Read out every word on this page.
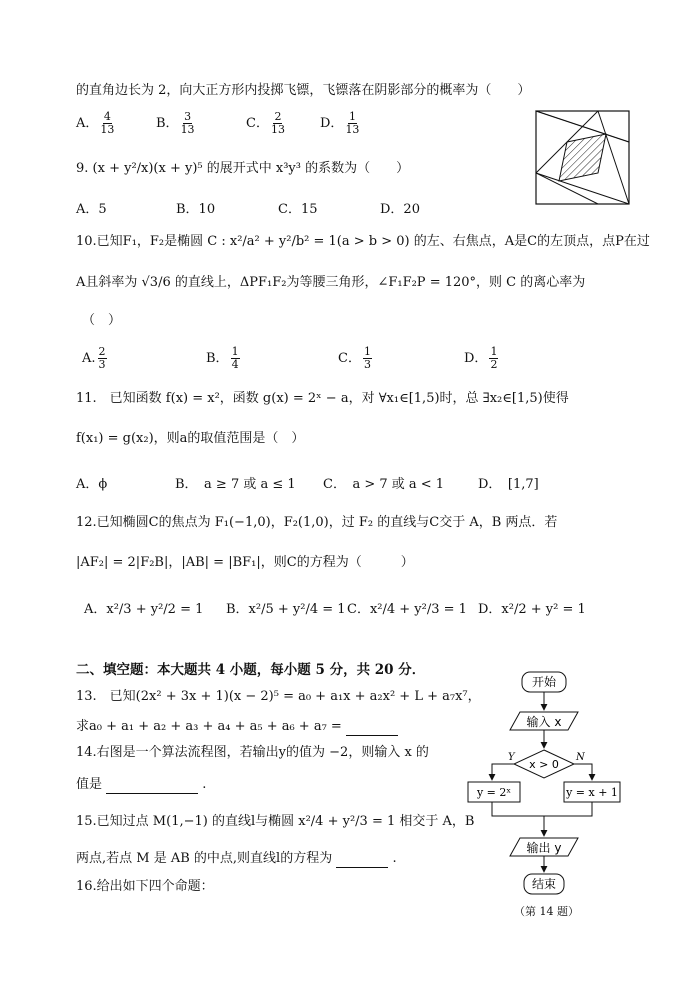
的直角边长为 2，向大正方形内投掷飞镖，飞镖落在阴影部分的概率为（　　）
A． $\frac{4}{13}$	B． $\frac{3}{13}$	C． $\frac{2}{13}$	D． $\frac{1}{13}$
9. (x + y²/x)(x + y)⁵ 的展开式中 x³y³ 的系数为（　　）
A．5	B．10	C．15	D．20
10.已知F₁，F₂是椭圆 C : x²/a² + y²/b² = 1(a > b > 0) 的左、右焦点，A是C的左顶点，点P在过
A且斜率为 √3/6 的直线上，ΔPF₁F₂为等腰三角形，∠F₁F₂P = 120°，则 C 的离心率为
（　）
A. $\frac{2}{3}$	B． $\frac{1}{4}$	C． $\frac{1}{3}$	D． $\frac{1}{2}$
11.　已知函数 f(x) = x²，函数 g(x) = 2ˣ − a，对 ∀x₁∈[1,5)时，总 ∃x₂∈[1,5)使得
f(x₁) = g(x₂)，则a的取值范围是（　）
A．ϕ	B．　a ≥ 7 或 a ≤ 1 C．　a > 7 或 a < 1	D．　[1,7]
12.已知椭圆C的焦点为 F₁(−1,0)，F₂(1,0)，过 F₂ 的直线与C交于 A，B 两点．若
|AF₂| = 2|F₂B|，|AB| = |BF₁|，则C的方程为（　　　）
A．x²/3 + y²/2 = 1 B．x²/5 + y²/4 = 1 C．x²/4 + y²/3 = 1 D．x²/2 + y² = 1
二、填空题：本大题共 4 小题，每小题 5 分，共 20 分．
13.　已知(2x² + 3x + 1)(x − 2)⁵ = a₀ + a₁x + a₂x² + L + a₇x⁷，
求a₀ + a₁ + a₂ + a₃ + a₄ + a₅ + a₆ + a₇ =
14.右图是一个算法流程图，若输出y的值为 −2，则输入 x 的
值是	.
15.已知过点 M(1,−1) 的直线l与椭圆 x²/4 + y²/3 = 1 相交于 A，B
两点,若点 M 是 AB 的中点,则直线l的方程为	.
16.给出如下四个命题：
开始
输入 x
x > 0
Y	N
y = 2ˣ	y = x + 1
输出 y
结束
（第 14 题）
